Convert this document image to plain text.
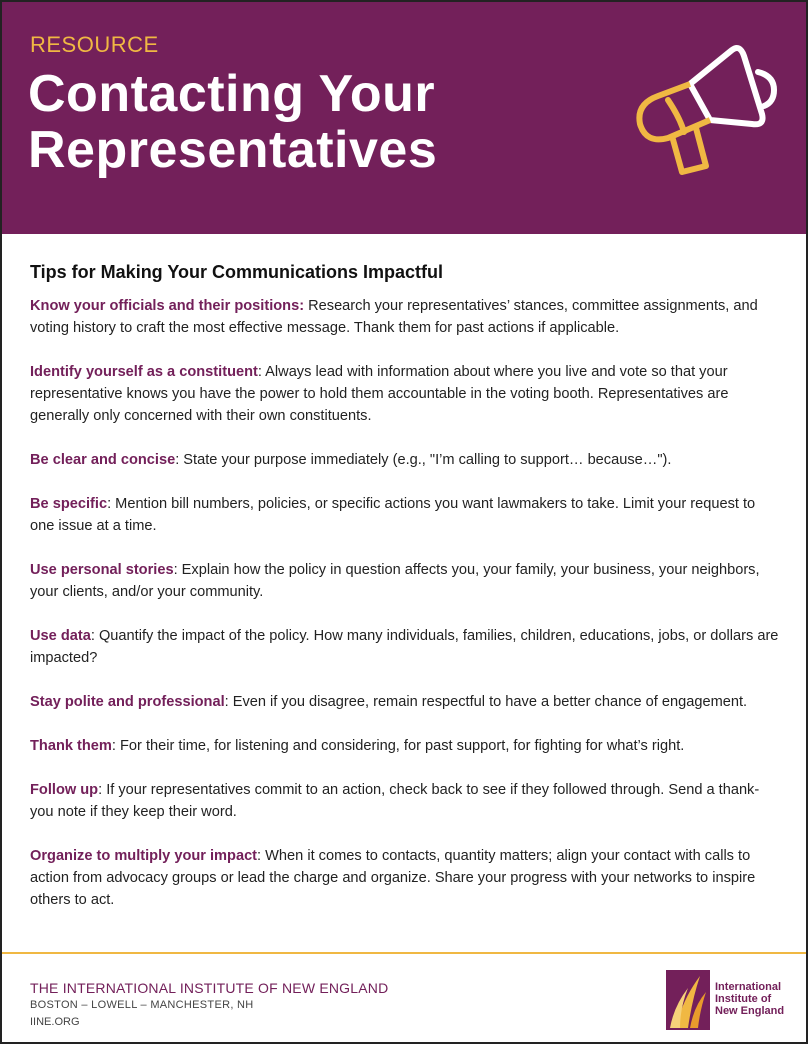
RESOURCE
Contacting Your
Representatives
Tips for Making Your Communications Impactful

Know your officials and their positions: Research your representatives’ stances, committee assignments, and voting history to craft the most effective message. Thank them for past actions if applicable.

Identify yourself as a constituent: Always lead with information about where you live and vote so that your representative knows you have the power to hold them accountable in the voting booth. Representatives are generally only concerned with their own constituents.

Be clear and concise: State your purpose immediately (e.g., "I’m calling to support… because…").

Be specific: Mention bill numbers, policies, or specific actions you want lawmakers to take. Limit your request to one issue at a time.

Use personal stories: Explain how the policy in question affects you, your family, your business, your neighbors, your clients, and/or your community.

Use data: Quantify the impact of the policy. How many individuals, families, children, educations, jobs, or dollars are impacted?

Stay polite and professional: Even if you disagree, remain respectful to have a better chance of engagement.

Thank them: For their time, for listening and considering, for past support, for fighting for what’s right.

Follow up: If your representatives commit to an action, check back to see if they followed through. Send a thank-you note if they keep their word.

Organize to multiply your impact: When it comes to contacts, quantity matters; align your contact with calls to action from advocacy groups or lead the charge and organize. Share your progress with your networks to inspire others to act.

THE INTERNATIONAL INSTITUTE OF NEW ENGLAND
BOSTON – LOWELL – MANCHESTER, NH
IINE.ORG
International
Institute of
New England
